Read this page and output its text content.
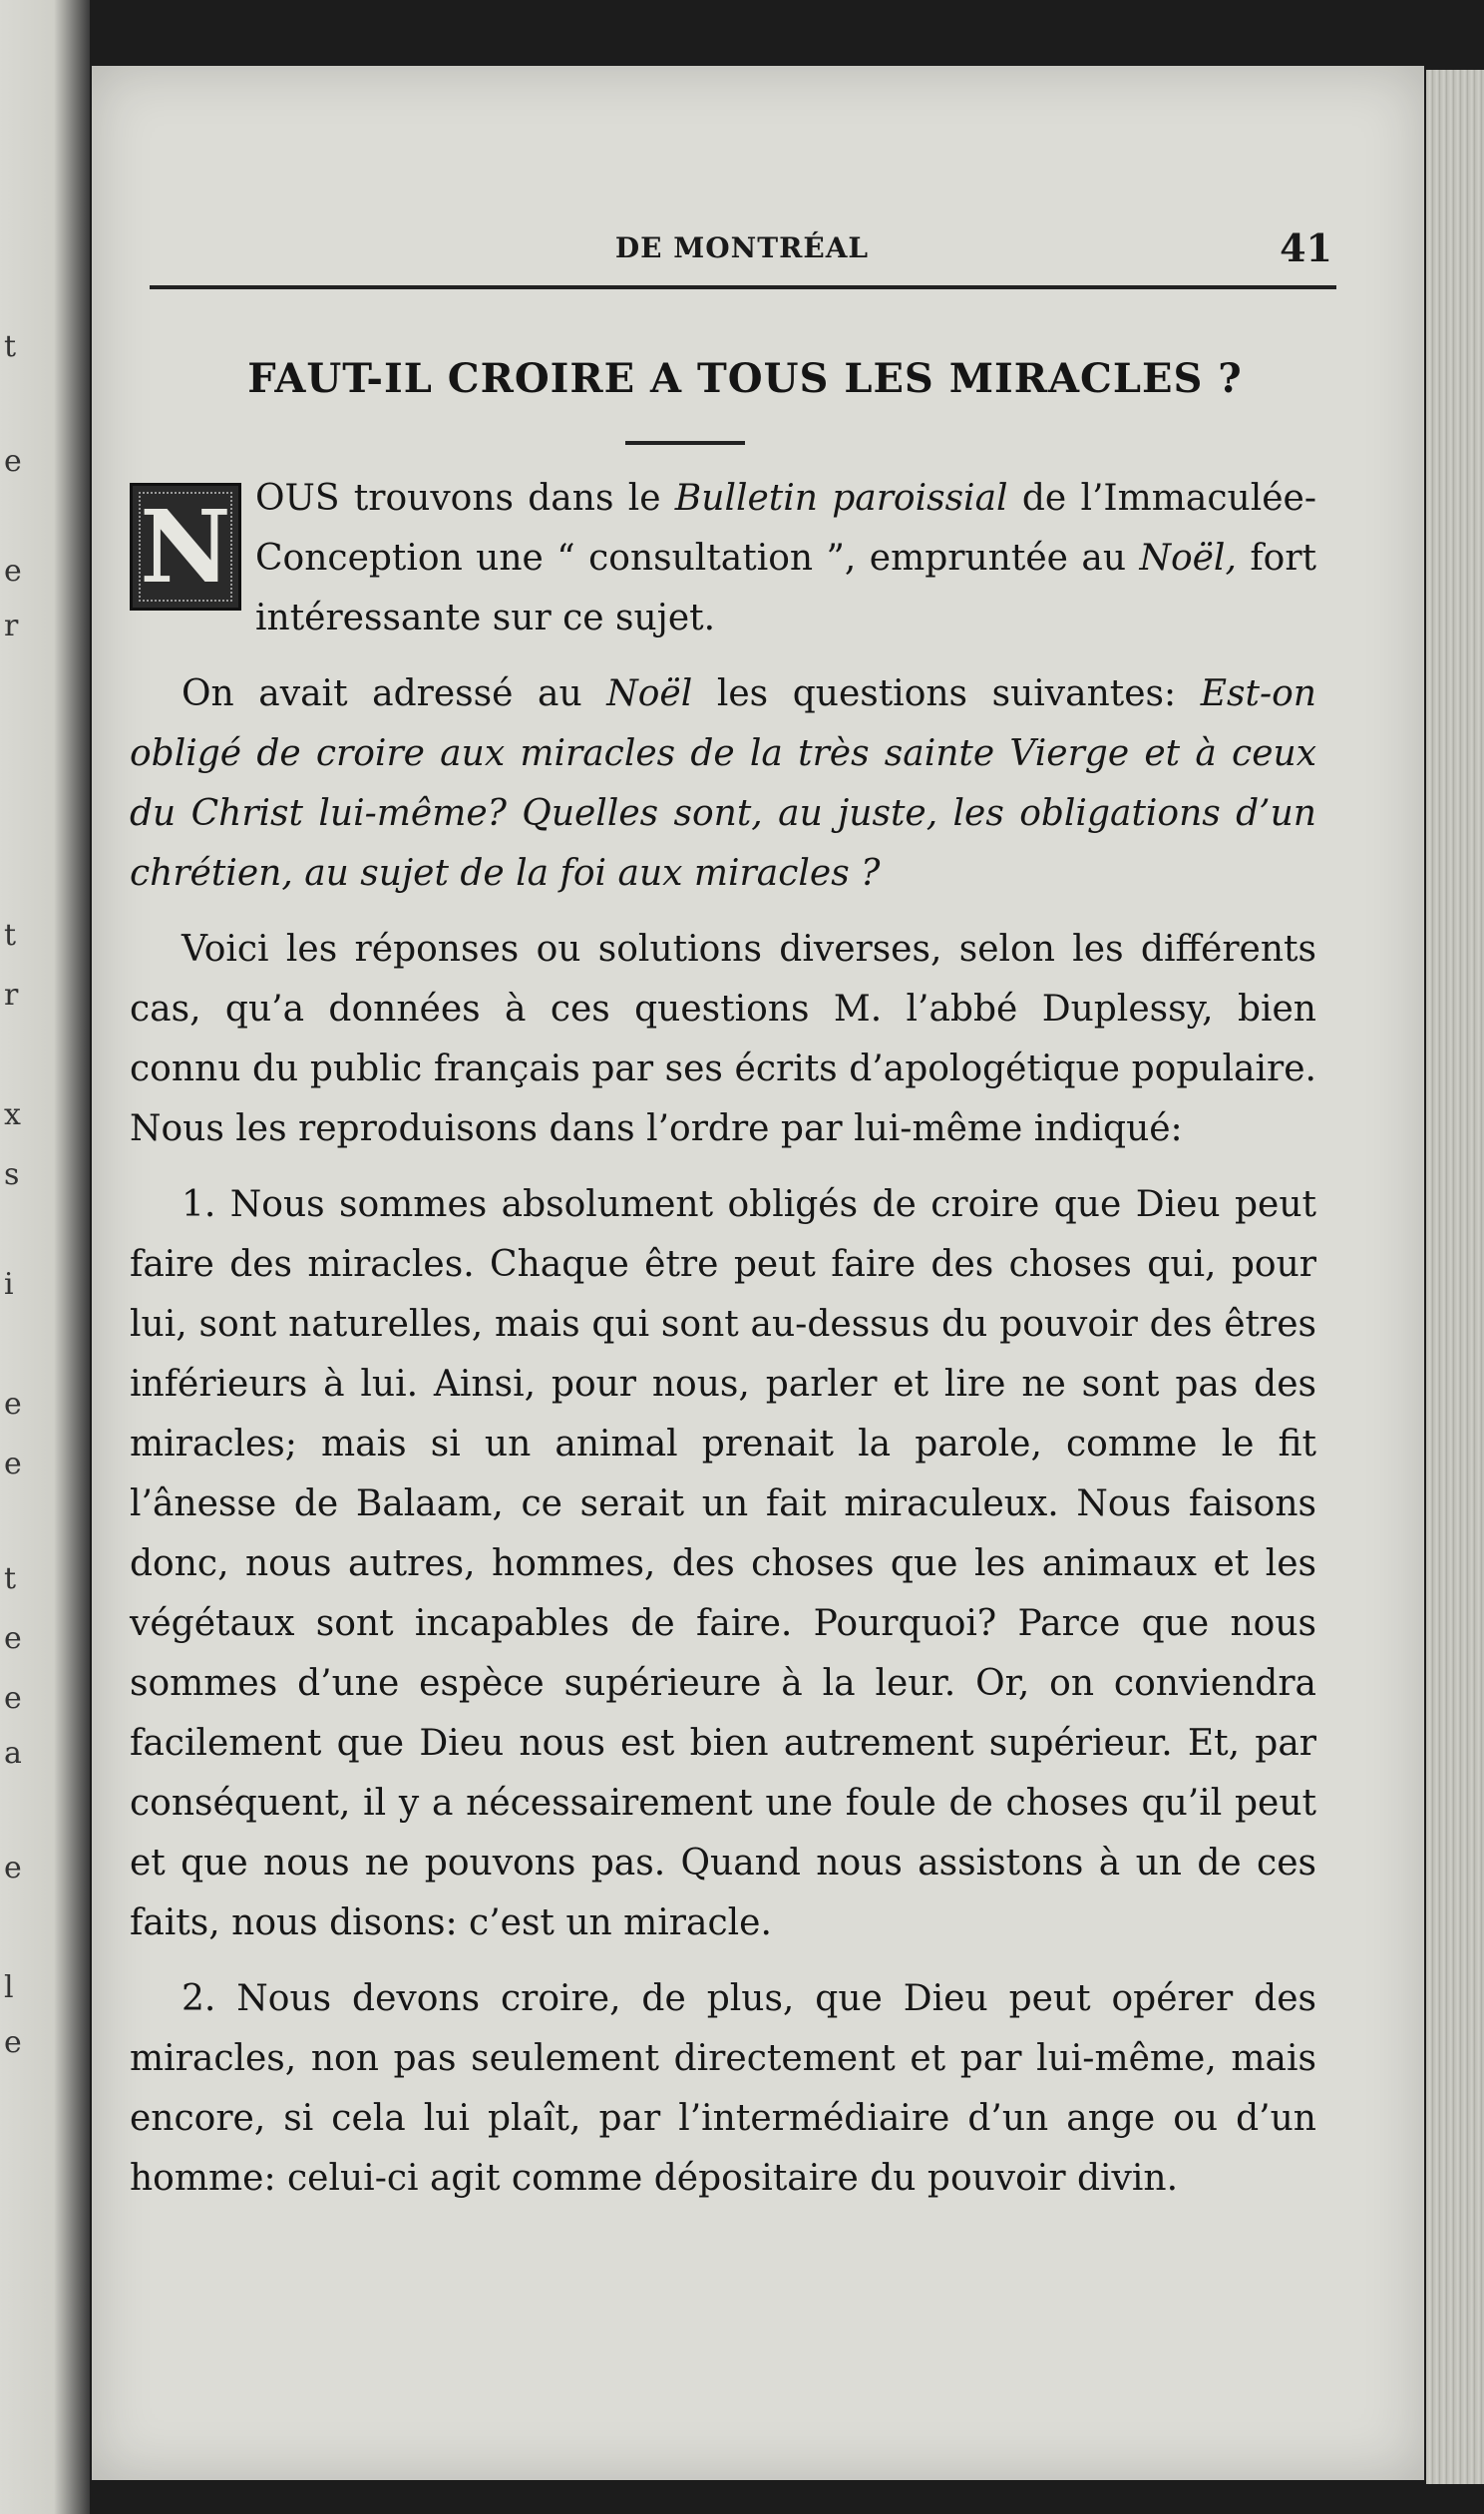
t
e
e
r
t
r
x
s
i
e
e
t
e
e
a
e
l
e
DE MONTRÉAL	41
FAUT-IL CROIRE A TOUS LES MIRACLES ?

N OUS trouvons dans le Bulletin paroissial de l’Immaculée-Conception une “ consultation ”, empruntée au Noël, fort intéressante sur ce sujet.

On avait adressé au Noël les questions suivantes: Est-on obligé de croire aux miracles de la très sainte Vierge et à ceux du Christ lui-même? Quelles sont, au juste, les obligations d’un chrétien, au sujet de la foi aux miracles ?

Voici les réponses ou solutions diverses, selon les différents cas, qu’a données à ces questions M. l’abbé Duplessy, bien connu du public français par ses écrits d’apologétique populaire. Nous les reproduisons dans l’ordre par lui-même indiqué:

1. Nous sommes absolument obligés de croire que Dieu peut faire des miracles. Chaque être peut faire des choses qui, pour lui, sont naturelles, mais qui sont au-dessus du pouvoir des êtres inférieurs à lui. Ainsi, pour nous, parler et lire ne sont pas des miracles; mais si un animal prenait la parole, comme le fit l’ânesse de Balaam, ce serait un fait miraculeux. Nous faisons donc, nous autres, hommes, des choses que les animaux et les végétaux sont incapables de faire. Pourquoi? Parce que nous sommes d’une espèce supérieure à la leur. Or, on conviendra facilement que Dieu nous est bien autrement supérieur. Et, par conséquent, il y a nécessairement une foule de choses qu’il peut et que nous ne pouvons pas. Quand nous assistons à un de ces faits, nous disons: c’est un miracle.

2. Nous devons croire, de plus, que Dieu peut opérer des miracles, non pas seulement directement et par lui-même, mais encore, si cela lui plaît, par l’intermédiaire d’un ange ou d’un homme: celui-ci agit comme dépositaire du pouvoir divin.
